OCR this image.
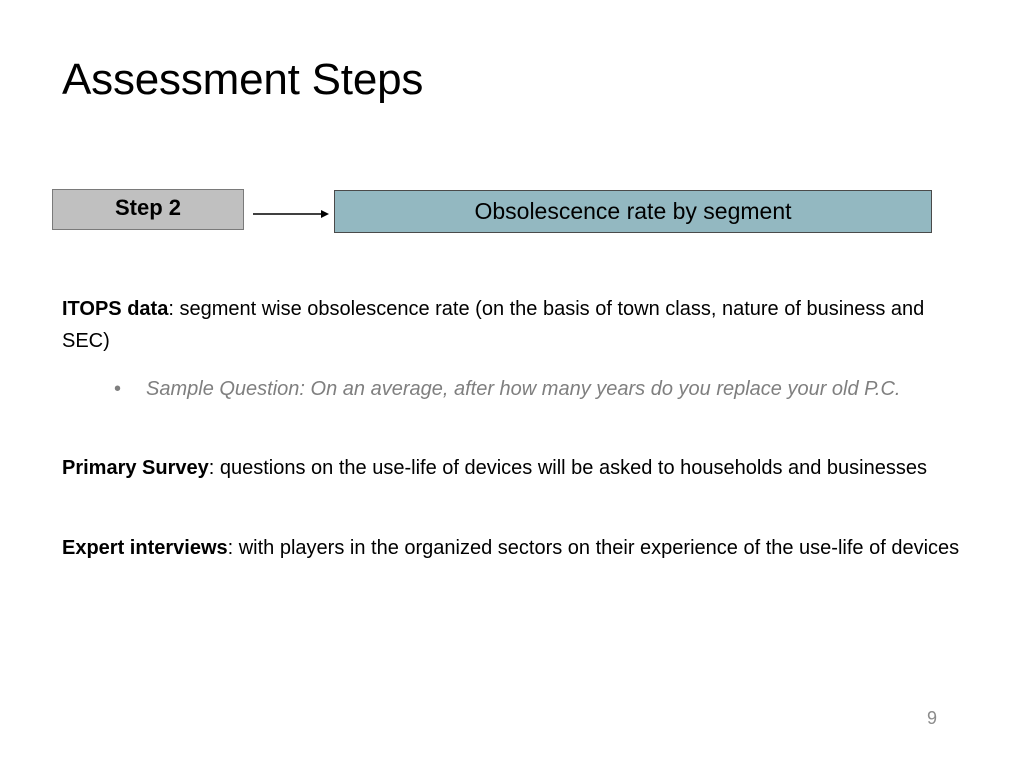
Assessment Steps
Step 2	Obsolescence rate by segment

ITOPS data: segment wise obsolescence rate (on the basis of town class, nature of business and SEC)

•	Sample Question: On an average, after how many years do you replace your old P.C.

Primary Survey: questions on the use-life of devices will be asked to households and businesses

Expert interviews: with players in the organized sectors on their experience of the use-life of devices

9
